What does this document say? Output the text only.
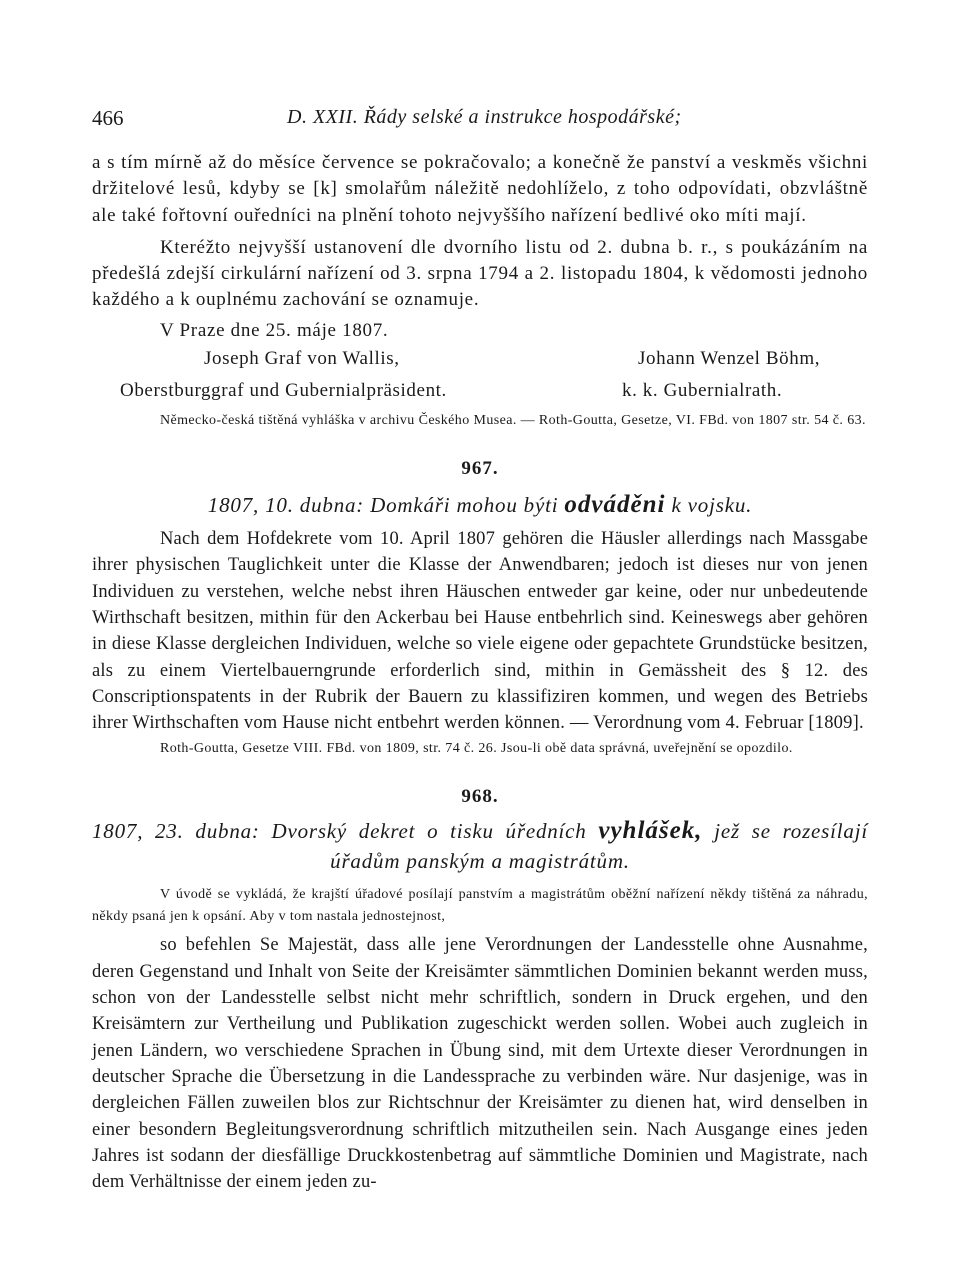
466	D. XXII. Řády selské a instrukce hospodářské;

a s tím mírně až do měsíce července se pokračovalo; a konečně že panství a veskměs všichni držitelové lesů, kdyby se [k] smolařům náležitě nedohlíželo, z toho odpovídati, obzvláštně ale také fořtovní ouředníci na plnění tohoto nejvyššího nařízení bedlivé oko míti mají.

Kteréžto nejvyšší ustanovení dle dvorního listu od 2. dubna b. r., s poukázáním na předešlá zdejší cirkulární nařízení od 3. srpna 1794 a 2. listopadu 1804, k vědomosti jednoho každého a k ouplnému zachování se oznamuje.

V Praze dne 25. máje 1807.

Joseph Graf von Wallis,	Johann Wenzel Böhm,
Oberstburggraf und Gubernialpräsident.	k. k. Gubernialrath.

Německo-česká tištěná vyhláška v archivu Českého Musea. — Roth-Goutta, Gesetze, VI. FBd. von 1807 str. 54 č. 63.

967.

1807, 10. dubna: Domkáři mohou býti odváděni k vojsku.

Nach dem Hofdekrete vom 10. April 1807 gehören die Häusler allerdings nach Massgabe ihrer physischen Tauglichkeit unter die Klasse der Anwendbaren; jedoch ist dieses nur von jenen Individuen zu verstehen, welche nebst ihren Häuschen entweder gar keine, oder nur unbedeutende Wirthschaft besitzen, mithin für den Ackerbau bei Hause entbehrlich sind. Keineswegs aber gehören in diese Klasse dergleichen Individuen, welche so viele eigene oder gepachtete Grundstücke besitzen, als zu einem Viertelbauerngrunde erforderlich sind, mithin in Gemässheit des § 12. des Conscriptionspatents in der Rubrik der Bauern zu klassifiziren kommen, und wegen des Betriebs ihrer Wirthschaften vom Hause nicht entbehrt werden können. — Verordnung vom 4. Februar [1809].

Roth-Goutta, Gesetze VIII. FBd. von 1809, str. 74 č. 26. Jsou-li obě data správná, uveřejnění se opozdilo.

968.

1807, 23. dubna: Dvorský dekret o tisku úředních vyhlášek, jež se rozesílají úřadům panským a magistrátům.

V úvodě se vykládá, že krajští úřadové posílají panstvím a magistrátům oběžní nařízení někdy tištěná za náhradu, někdy psaná jen k opsání. Aby v tom nastala jednostejnost,

so befehlen Se Majestät, dass alle jene Verordnungen der Landesstelle ohne Ausnahme, deren Gegenstand und Inhalt von Seite der Kreisämter sämmtlichen Dominien bekannt werden muss, schon von der Landesstelle selbst nicht mehr schriftlich, sondern in Druck ergehen, und den Kreisämtern zur Vertheilung und Publikation zugeschickt werden sollen. Wobei auch zugleich in jenen Ländern, wo verschiedene Sprachen in Übung sind, mit dem Urtexte dieser Verordnungen in deutscher Sprache die Übersetzung in die Landessprache zu verbinden wäre. Nur dasjenige, was in dergleichen Fällen zuweilen blos zur Richtschnur der Kreisämter zu dienen hat, wird denselben in einer besondern Begleitungsverordnung schriftlich mitzutheilen sein. Nach Ausgange eines jeden Jahres ist sodann der diesfällige Druckkostenbetrag auf sämmtliche Dominien und Magistrate, nach dem Verhältnisse der einem jeden zu-
